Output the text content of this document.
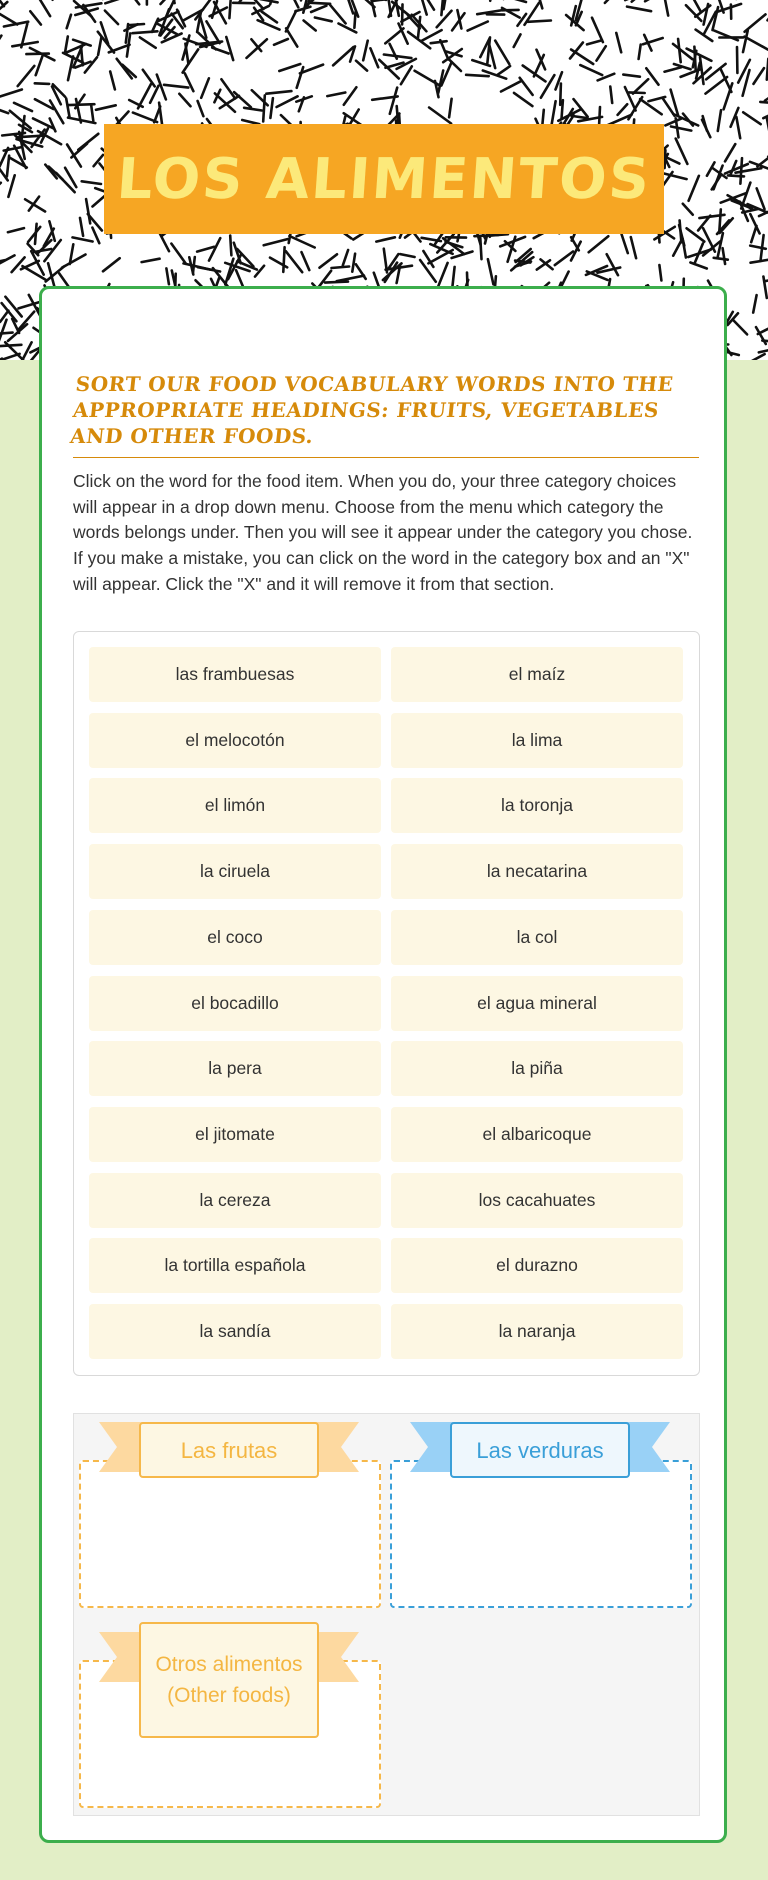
LOS ALIMENTOS
SORT OUR FOOD VOCABULARY WORDS INTO THE APPROPRIATE HEADINGS: FRUITS, VEGETABLES AND OTHER FOODS.

Click on the word for the food item. When you do, your three category choices will appear in a drop down menu. Choose from the menu which category the words belongs under. Then you will see it appear under the category you chose. If you make a mistake, you can click on the word in the category box and an "X" will appear. Click the "X" and it will remove it from that section.

las frambuesas	el maíz
el melocotón	la lima
el limón	la toronja
la ciruela	la necatarina
el coco	la col
el bocadillo	el agua mineral
la pera	la piña
el jitomate	el albaricoque
la cereza	los cacahuates
la tortilla española	el durazno
la sandía	la naranja
Las frutas	Las verduras
Otros alimentos (Other foods)
